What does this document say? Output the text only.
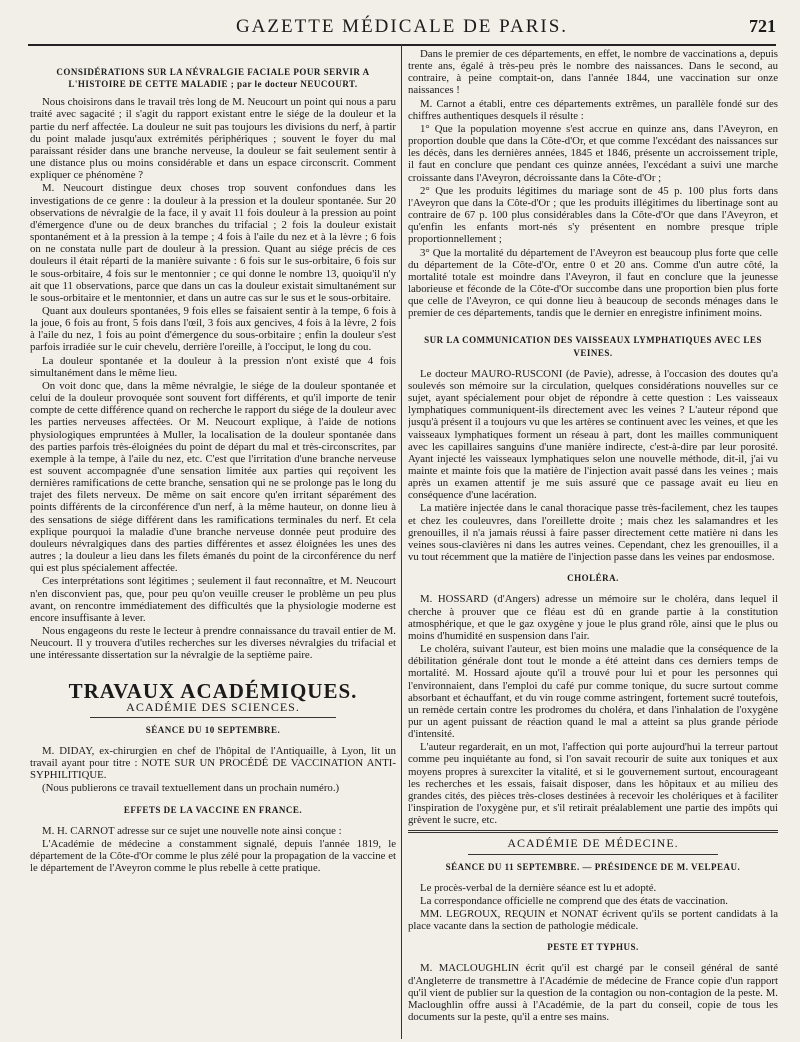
GAZETTE MÉDICALE DE PARIS.	721

CONSIDÉRATIONS SUR LA NÉVRALGIE FACIALE POUR SERVIR A L'HISTOIRE DE CETTE MALADIE ; par le docteur NEUCOURT.

Nous choisirons dans le travail très long de M. Neucourt un point qui nous a paru traité avec sagacité ; il s'agit du rapport existant entre le siége de la douleur et la partie du nerf affectée. La douleur ne suit pas toujours les divisions du nerf, à partir du point malade jusqu'aux extrémités périphériques ; souvent le foyer du mal paraissant résider dans une branche nerveuse, la douleur se fait seulement sentir à une distance plus ou moins considérable et dans un espace circonscrit. Comment expliquer ce phénomène ?

M. Neucourt distingue deux choses trop souvent confondues dans les investigations de ce genre : la douleur à la pression et la douleur spontanée. Sur 20 observations de névralgie de la face, il y avait 11 fois douleur à la pression au point d'émergence d'une ou de deux branches du trifacial ; 2 fois la douleur existait spontanément et à la pression à la tempe ; 4 fois à l'aile du nez et à la lèvre ; 6 fois on ne constata nulle part de douleur à la pression. Quant au siége précis de ces douleurs il était réparti de la manière suivante : 6 fois sur le sus-orbitaire, 6 fois sur le sous-orbitaire, 4 fois sur le mentonnier ; ce qui donne le nombre 13, quoiqu'il n'y ait que 11 observations, parce que dans un cas la douleur existait simultanément sur le sous-orbitaire et le mentonnier, et dans un autre cas sur le sus et le sous-orbitaire.

Quant aux douleurs spontanées, 9 fois elles se faisaient sentir à la tempe, 6 fois à la joue, 6 fois au front, 5 fois dans l'œil, 3 fois aux gencives, 4 fois à la lèvre, 2 fois à l'aile du nez, 1 fois au point d'émergence du sous-orbitaire ; enfin la douleur s'est parfois irradiée sur le cuir chevelu, derrière l'oreille, à l'occiput, le long du cou.

La douleur spontanée et la douleur à la pression n'ont existé que 4 fois simultanément dans le même lieu.

On voit donc que, dans la même névralgie, le siége de la douleur spontanée et celui de la douleur provoquée sont souvent fort différents, et qu'il importe de tenir compte de cette différence quand on recherche le rapport du siége de la douleur avec les parties nerveuses affectées. Or M. Neucourt explique, à l'aide de notions physiologiques empruntées à Muller, la localisation de la douleur spontanée dans des parties parfois très-éloignées du point de départ du mal et très-circonscrites, par exemple à la tempe, à l'aile du nez, etc. C'est que l'irritation d'une branche nerveuse est souvent accompagnée d'une sensation limitée aux parties qui reçoivent les dernières ramifications de cette branche, sensation qui ne se prolonge pas le long du trajet des filets nerveux. De même on sait encore qu'en irritant séparément des points différents de la circonférence d'un nerf, à la même hauteur, on donne lieu à des sensations de siége différent dans les ramifications terminales du nerf. Et cela explique pourquoi la maladie d'une branche nerveuse donnée peut produire des douleurs névralgiques dans des parties différentes et assez éloignées les unes des autres ; la douleur a lieu dans les filets émanés du point de la circonférence du nerf qui est plus spécialement affectée.

Ces interprétations sont légitimes ; seulement il faut reconnaître, et M. Neucourt n'en disconvient pas, que, pour peu qu'on veuille creuser le problème un peu plus avant, on rencontre immédiatement des difficultés que la physiologie moderne est encore insuffisante à lever.

Nous engageons du reste le lecteur à prendre connaissance du travail entier de M. Neucourt. Il y trouvera d'utiles recherches sur les diverses névralgies du trifacial et une intéressante dissertation sur la névralgie de la septième paire.

TRAVAUX ACADÉMIQUES.
ACADÉMIE DES SCIENCES.

SÉANCE DU 10 SEPTEMBRE.

M. DIDAY, ex-chirurgien en chef de l'hôpital de l'Antiquaille, à Lyon, lit un travail ayant pour titre : NOTE SUR UN PROCÉDÉ DE VACCINATION ANTI-SYPHILITIQUE.

(Nous publierons ce travail textuellement dans un prochain numéro.)

EFFETS DE LA VACCINE EN FRANCE.

M. H. CARNOT adresse sur ce sujet une nouvelle note ainsi conçue :

L'Académie de médecine a constamment signalé, depuis l'année 1819, le département de la Côte-d'Or comme le plus zélé pour la propagation de la vaccine et le département de l'Aveyron comme le plus rebelle à cette pratique.

Dans le premier de ces départements, en effet, le nombre de vaccinations a, depuis trente ans, égalé à très-peu près le nombre des naissances. Dans le second, au contraire, à peine comptait-on, dans l'année 1844, une vaccination sur onze naissances !

M. Carnot a établi, entre ces départements extrêmes, un parallèle fondé sur des chiffres authentiques desquels il résulte :

1° Que la population moyenne s'est accrue en quinze ans, dans l'Aveyron, en proportion double que dans la Côte-d'Or, et que comme l'excédant des naissances sur les décès, dans les dernières années, 1845 et 1846, présente un accroissement triple, il faut en conclure que pendant ces quinze années, l'excédant a suivi une marche croissante dans l'Aveyron, décroissante dans la Côte-d'Or ;

2° Que les produits légitimes du mariage sont de 45 p. 100 plus forts dans l'Aveyron que dans la Côte-d'Or ; que les produits illégitimes du libertinage sont au contraire de 67 p. 100 plus considérables dans la Côte-d'Or que dans l'Aveyron, et qu'enfin les enfants mort-nés s'y présentent en nombre presque triple proportionnellement ;

3° Que la mortalité du département de l'Aveyron est beaucoup plus forte que celle du département de la Côte-d'Or, entre 0 et 20 ans. Comme d'un autre côté, la mortalité totale est moindre dans l'Aveyron, il faut en conclure que la jeunesse laborieuse et féconde de la Côte-d'Or succombe dans une proportion bien plus forte que celle de l'Aveyron, ce qui donne lieu à beaucoup de seconds ménages dans le premier de ces départements, tandis que le dernier en enregistre infiniment moins.

SUR LA COMMUNICATION DES VAISSEAUX LYMPHATIQUES AVEC LES VEINES.

Le docteur MAURO-RUSCONI (de Pavie), adresse, à l'occasion des doutes qu'a soulevés son mémoire sur la circulation, quelques considérations nouvelles sur ce sujet, ayant spécialement pour objet de répondre à cette question : Les vaisseaux lymphatiques communiquent-ils directement avec les veines ? L'auteur répond que jusqu'à présent il a toujours vu que les artères se continuent avec les veines, et que les vaisseaux lymphatiques forment un réseau à part, dont les mailles communiquent avec les capillaires sanguins d'une manière indirecte, c'est-à-dire par leur porosité. Ayant injecté les vaisseaux lymphatiques selon une nouvelle méthode, dit-il, j'ai vu mainte et mainte fois que la matière de l'injection avait passé dans les veines ; mais après un examen attentif je me suis assuré que ce passage avait eu lieu en conséquence d'une lacération.

La matière injectée dans le canal thoracique passe très-facilement, chez les taupes et chez les couleuvres, dans l'oreillette droite ; mais chez les salamandres et les grenouilles, il n'a jamais réussi à faire passer directement cette matière ni dans les veines sous-clavières ni dans les autres veines. Cependant, chez les grenouilles, il a vu tout récemment que la matière de l'injection passe dans les veines par endosmose.

CHOLÉRA.

M. HOSSARD (d'Angers) adresse un mémoire sur le choléra, dans lequel il cherche à prouver que ce fléau est dû en grande partie à la constitution atmosphérique, et que le gaz oxygène y joue le plus grand rôle, ainsi que le plus ou moins d'humidité en suspension dans l'air.

Le choléra, suivant l'auteur, est bien moins une maladie que la conséquence de la débilitation générale dont tout le monde a été atteint dans ces derniers temps de mortalité. M. Hossard ajoute qu'il a trouvé pour lui et pour les personnes qui l'environnaient, dans l'emploi du café pur comme tonique, du sucre surtout comme absorbant et échauffant, et du vin rouge comme astringent, fortement sucré toutefois, un remède certain contre les prodromes du choléra, et dans l'inhalation de l'oxygène pur un agent puissant de réaction quand le mal a atteint sa plus grande période d'intensité.

L'auteur regarderait, en un mot, l'affection qui porte aujourd'hui la terreur partout comme peu inquiétante au fond, si l'on savait recourir de suite aux toniques et aux moyens propres à surexciter la vitalité, et si le gouvernement surtout, encourageant les recherches et les essais, faisait disposer, dans les hôpitaux et au milieu des grandes cités, des pièces très-closes destinées à recevoir les cholériques et à faciliter l'inspiration de l'oxygène pur, et s'il retirait préalablement une partie des impôts qui grèvent le sucre, etc.

ACADÉMIE DE MÉDECINE.

SÉANCE DU 11 SEPTEMBRE. — PRÉSIDENCE DE M. VELPEAU.

Le procès-verbal de la dernière séance est lu et adopté.

La correspondance officielle ne comprend que des états de vaccination.

MM. LEGROUX, REQUIN et NONAT écrivent qu'ils se portent candidats à la place vacante dans la section de pathologie médicale.

PESTE ET TYPHUS.

M. MACLOUGHLIN écrit qu'il est chargé par le conseil général de santé d'Angleterre de transmettre à l'Académie de médecine de France copie d'un rapport qu'il vient de publier sur la question de la contagion ou non-contagion de la peste. M. Macloughlin offre aussi à l'Académie, de la part du conseil, copie de tous les documents sur la peste, qu'il a entre ses mains.
